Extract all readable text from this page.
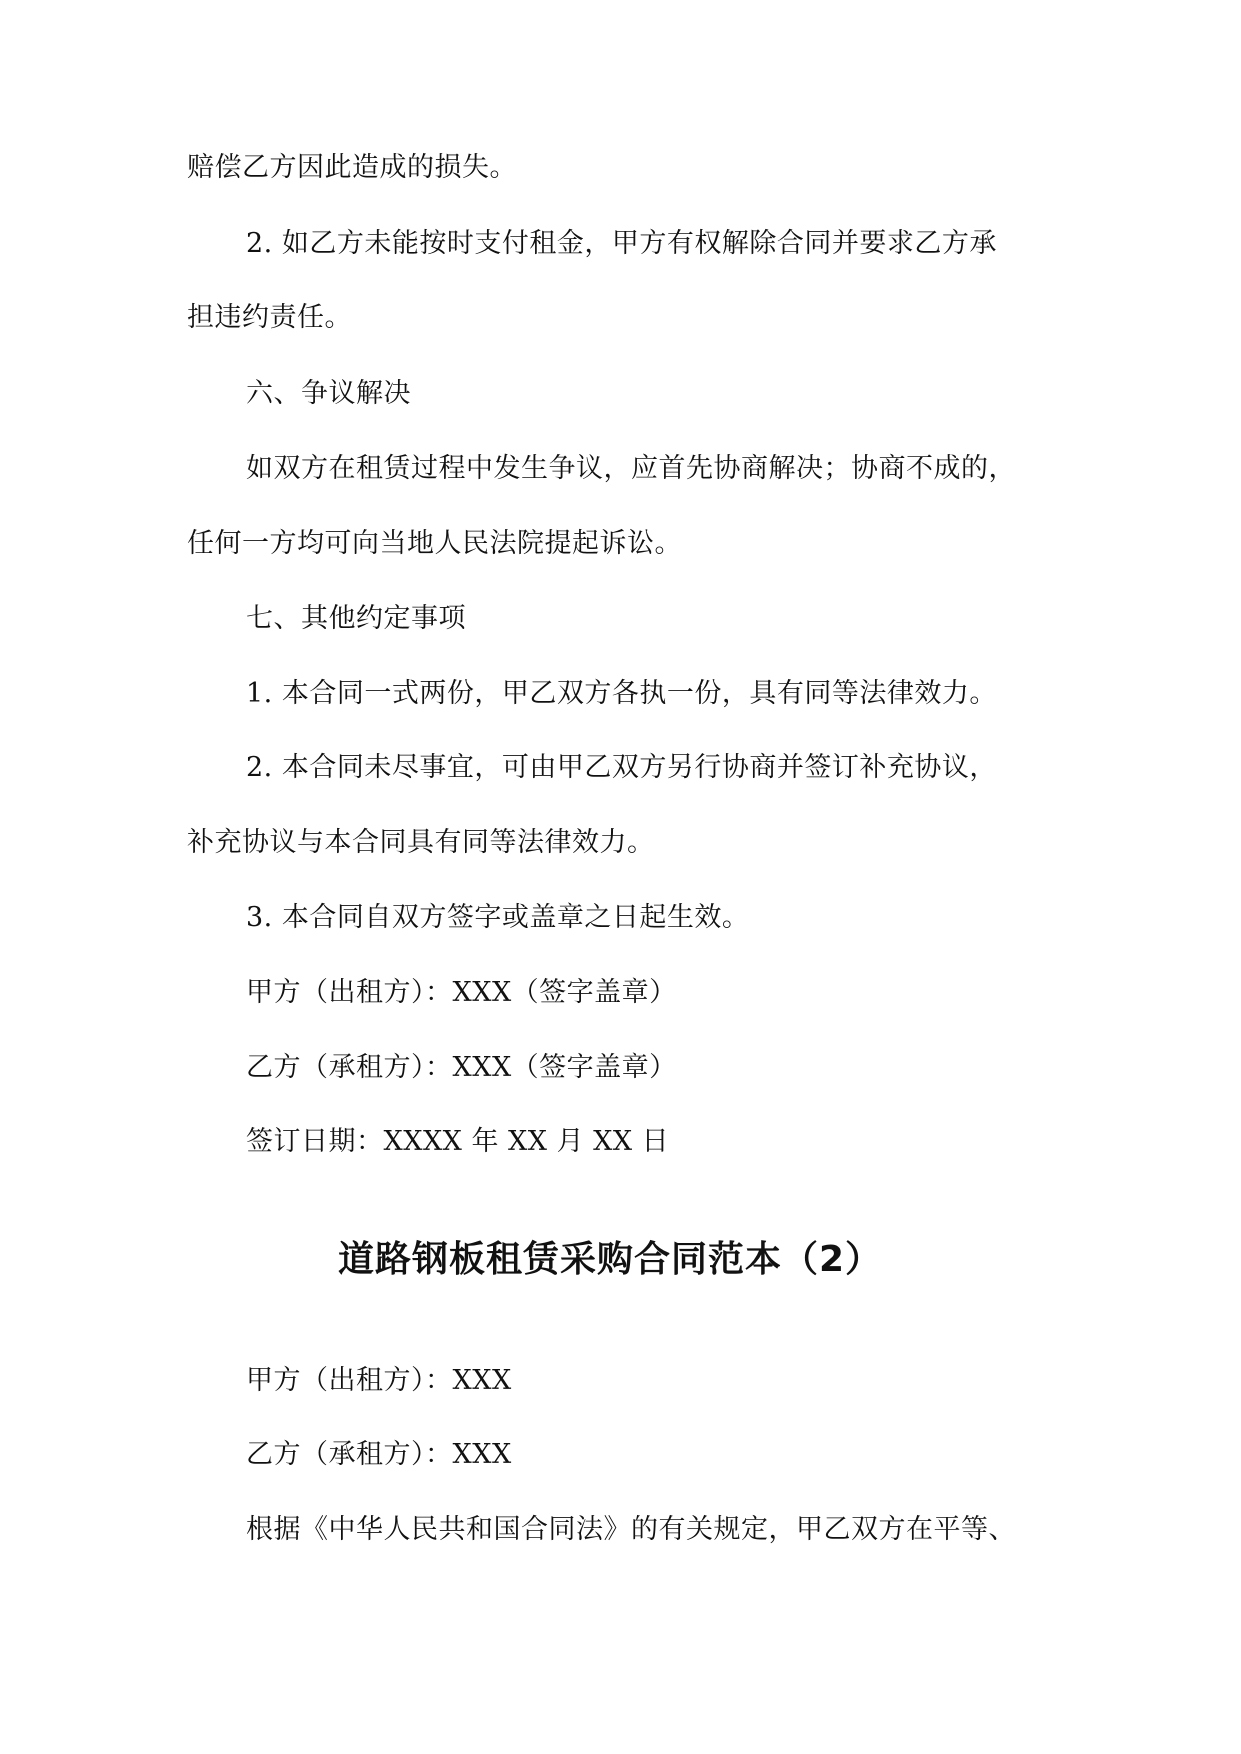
赔偿乙方因此造成的损失。
2. 如乙方未能按时支付租金，甲方有权解除合同并要求乙方承
担违约责任。
六、争议解决
如双方在租赁过程中发生争议，应首先协商解决；协商不成的，
任何一方均可向当地人民法院提起诉讼。
七、其他约定事项
1. 本合同一式两份，甲乙双方各执一份，具有同等法律效力。
2. 本合同未尽事宜，可由甲乙双方另行协商并签订补充协议，
补充协议与本合同具有同等法律效力。
3. 本合同自双方签字或盖章之日起生效。
甲方（出租方）：XXX（签字盖章）
乙方（承租方）：XXX（签字盖章）
签订日期：XXXX 年 XX 月 XX 日
道路钢板租赁采购合同范本（2）
甲方（出租方）：XXX
乙方（承租方）：XXX
根据《中华人民共和国合同法》的有关规定，甲乙双方在平等、
